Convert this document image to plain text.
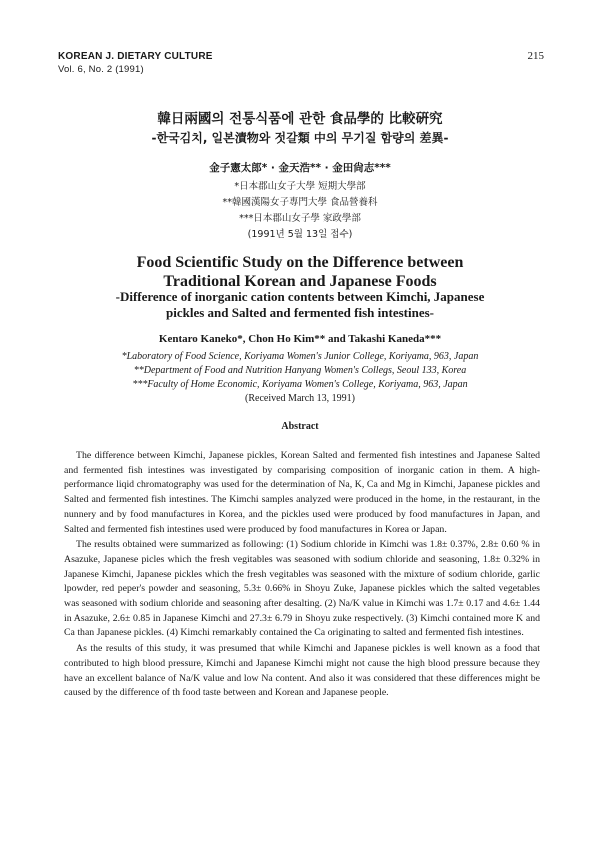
KOREAN J. DIETARY CULTURE
Vol. 6, No. 2 (1991)
215
韓日兩國의 전통식품에 관한 食品學的 比較硏究
-한국김치, 일본漬物와 젓갈類 中의 무기질 함량의 差異-
金子憲太郎* · 金天浩** · 金田尙志***
*日本郡山女子大學 短期大學部
**韓國漢陽女子專門大學 食品營養科
***日本郡山女子學 家政學部
(1991년 5월 13일 접수)
Food Scientific Study on the Difference between
Traditional Korean and Japanese Foods
-Difference of inorganic cation contents between Kimchi, Japanese
pickles and Salted and fermented fish intestines-
Kentaro Kaneko*, Chon Ho Kim** and Takashi Kaneda***
*Laboratory of Food Science, Koriyama Women's Junior College, Koriyama, 963, Japan
**Department of Food and Nutrition Hanyang Women's Collegs, Seoul 133, Korea
***Faculty of Home Economic, Koriyama Women's College, Koriyama, 963, Japan
(Received March 13, 1991)
Abstract

The difference between Kimchi, Japanese pickles, Korean Salted and fermented fish intestines and Japanese Salted and fermented fish intestines was investigated by comparising composition of inorganic cation in them. A high-performance liqid chromatography was used for the determination of Na, K, Ca and Mg in Kimchi, Japanese pickles and Salted and fermented fish intestines. The Kimchi samples analyzed were produced in the home, in the restaurant, in the nunnery and by food manufactures in Korea, and the pickles used were produced by food manufactures in Japan, and Salted and fermented fish intestines used were produced by food manufactures in Korea or Japan.

The results obtained were summarized as following: (1) Sodium chloride in Kimchi was 1.8± 0.37%, 2.8± 0.60 % in Asazuke, Japanese picles which the fresh vegitables was seasoned with sodium chloride and seasoning, 1.8± 0.32% in Japanese Kimchi, Japanese pickles which the fresh vegitables was seasoned with the mixture of sodium chloride, garlic lpowder, red peper's powder and seasoning, 5.3± 0.66% in Shoyu Zuke, Japanese pickles which the salted vegetables was seasoned with sodium chloride and seasoning after desalting. (2) Na/K value in Kimchi was 1.7± 0.17 and 4.6± 1.44 in Asazuke, 2.6± 0.85 in Japanese Kimchi and 27.3± 6.79 in Shoyu zuke respectively. (3) Kimchi contained more K and Ca than Japanese pickles. (4) Kimchi remarkably contained the Ca originating to salted and fermented fish intestines.

As the results of this study, it was presumed that while Kimchi and Japanese pickles is well known as a food that contributed to high blood pressure, Kimchi and Japanese Kimchi might not cause the high blood pressure because they have an excellent balance of Na/K value and low Na content. And also it was considered that these differences might be caused by the difference of th food taste between and Korean and Japanese people.
